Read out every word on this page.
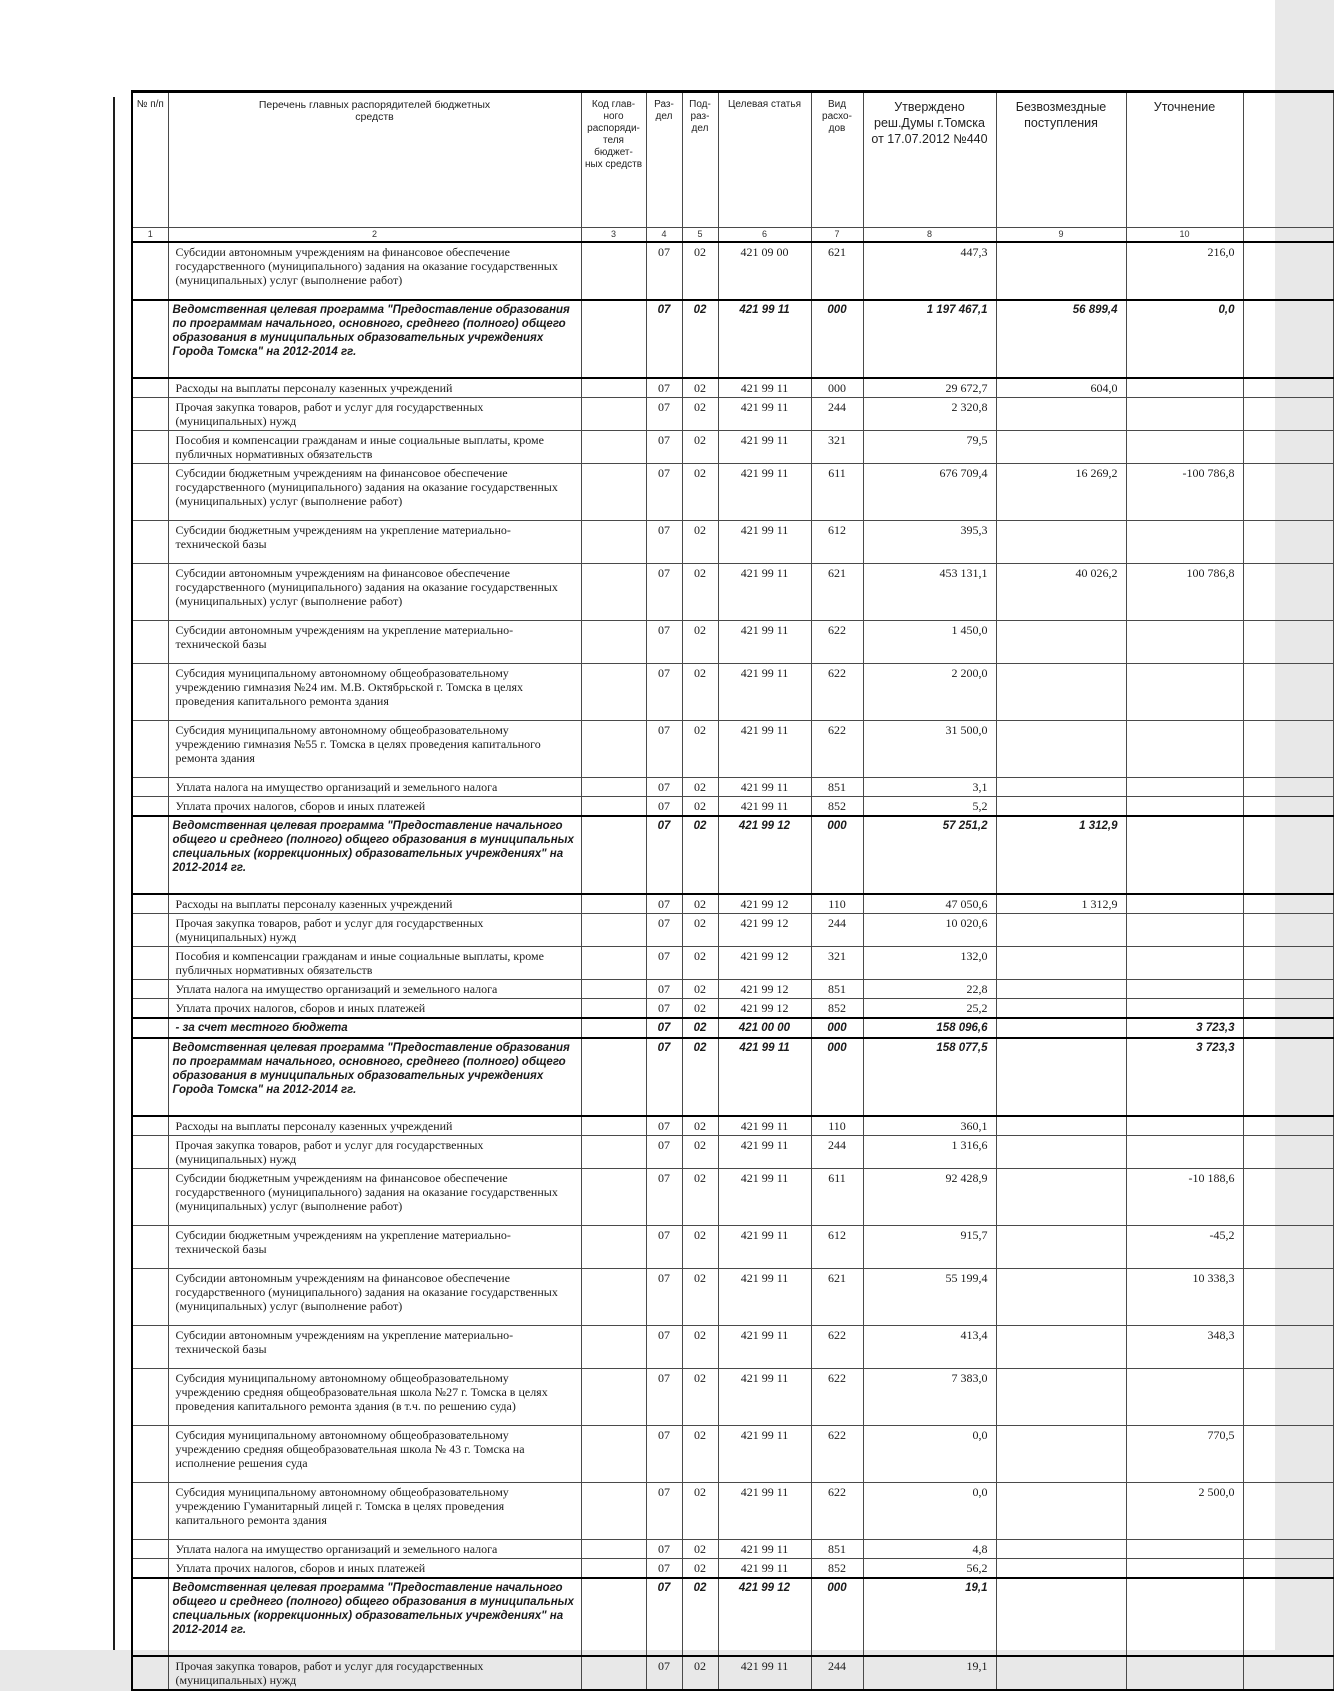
№ п/п	Перечень главных распорядителей бюджетных средств	Код глав-ного распоряди- теля бюджет- ных средств	Раз- дел	Под- раз- дел	Целевая статья	Вид расхо- дов	Утверждено реш.Думы г.Томска от 17.07.2012 №440	Безвозмездные поступления	Уточнение	
1	2	3	4	5	6	7	8	9	10	
	Субсидии автономным учреждениям на финансовое обеспечение государственного (муниципального) задания на оказание государственных (муниципальных) услуг (выполнение работ)		07	02	421 09 00	621	447,3		216,0	
	Ведомственная целевая программа "Предоставление образования по программам начального, основного, среднего (полного) общего образования в муниципальных образовательных учреждениях Города Томска" на 2012-2014 гг.		07	02	421 99 11	000	1 197 467,1	56 899,4	0,0	
	Расходы на выплаты персоналу казенных учреждений		07	02	421 99 11	000	29 672,7	604,0		
	Прочая закупка товаров, работ и услуг для государственных (муниципальных) нужд		07	02	421 99 11	244	2 320,8			
	Пособия и компенсации гражданам и иные социальные выплаты, кроме публичных нормативных обязательств		07	02	421 99 11	321	79,5			
	Субсидии бюджетным учреждениям на финансовое обеспечение государственного (муниципального) задания на оказание государственных (муниципальных) услуг (выполнение работ)		07	02	421 99 11	611	676 709,4	16 269,2	-100 786,8	
	Субсидии бюджетным учреждениям на укрепление материально-технической базы		07	02	421 99 11	612	395,3			
	Субсидии автономным учреждениям на финансовое обеспечение государственного (муниципального) задания на оказание государственных (муниципальных) услуг (выполнение работ)		07	02	421 99 11	621	453 131,1	40 026,2	100 786,8	
	Субсидии автономным учреждениям на укрепление материально-технической базы		07	02	421 99 11	622	1 450,0			
	Субсидия муниципальному автономному общеобразовательному учреждению гимназия №24 им. М.В. Октябрьской г. Томска в целях проведения капитального ремонта здания		07	02	421 99 11	622	2 200,0			
	Субсидия муниципальному автономному общеобразовательному учреждению гимназия №55 г. Томска в целях проведения капитального ремонта здания		07	02	421 99 11	622	31 500,0			
	Уплата налога на имущество организаций и земельного налога		07	02	421 99 11	851	3,1			
	Уплата прочих налогов, сборов и иных платежей		07	02	421 99 11	852	5,2			
	Ведомственная целевая программа "Предоставление начального общего и среднего (полного) общего образования в муниципальных специальных (коррекционных) образовательных учреждениях" на 2012-2014 гг.		07	02	421 99 12	000	57 251,2	1 312,9		
	Расходы на выплаты персоналу казенных учреждений		07	02	421 99 12	110	47 050,6	1 312,9		
	Прочая закупка товаров, работ и услуг для государственных (муниципальных) нужд		07	02	421 99 12	244	10 020,6			
	Пособия и компенсации гражданам и иные социальные выплаты, кроме публичных нормативных обязательств		07	02	421 99 12	321	132,0			
	Уплата налога на имущество организаций и земельного налога		07	02	421 99 12	851	22,8			
	Уплата прочих налогов, сборов и иных платежей		07	02	421 99 12	852	25,2			
	- за счет местного бюджета		07	02	421 00 00	000	158 096,6		3 723,3	
	Ведомственная целевая программа "Предоставление образования по программам начального, основного, среднего (полного) общего образования в муниципальных образовательных учреждениях Города Томска" на 2012-2014 гг.		07	02	421 99 11	000	158 077,5		3 723,3	
	Расходы на выплаты персоналу казенных учреждений		07	02	421 99 11	110	360,1			
	Прочая закупка товаров, работ и услуг для государственных (муниципальных) нужд		07	02	421 99 11	244	1 316,6			
	Субсидии бюджетным учреждениям на финансовое обеспечение государственного (муниципального) задания на оказание государственных (муниципальных) услуг (выполнение работ)		07	02	421 99 11	611	92 428,9		-10 188,6	
	Субсидии бюджетным учреждениям на укрепление материально-технической базы		07	02	421 99 11	612	915,7		-45,2	
	Субсидии автономным учреждениям на финансовое обеспечение государственного (муниципального) задания на оказание государственных (муниципальных) услуг (выполнение работ)		07	02	421 99 11	621	55 199,4		10 338,3	
	Субсидии автономным учреждениям на укрепление материально-технической базы		07	02	421 99 11	622	413,4		348,3	
	Субсидия муниципальному автономному общеобразовательному учреждению средняя общеобразовательная школа №27 г. Томска в целях проведения капитального ремонта здания (в т.ч. по решению суда)		07	02	421 99 11	622	7 383,0			
	Субсидия муниципальному автономному общеобразовательному учреждению средняя общеобразовательная школа № 43 г. Томска на исполнение решения суда		07	02	421 99 11	622	0,0		770,5	
	Субсидия муниципальному автономному общеобразовательному учреждению Гуманитарный лицей г. Томска в целях проведения капитального ремонта здания		07	02	421 99 11	622	0,0		2 500,0	
	Уплата налога на имущество организаций и земельного налога		07	02	421 99 11	851	4,8			
	Уплата прочих налогов, сборов и иных платежей		07	02	421 99 11	852	56,2			
	Ведомственная целевая программа "Предоставление начального общего и среднего (полного) общего образования в муниципальных специальных (коррекционных) образовательных учреждениях" на 2012-2014 гг.		07	02	421 99 12	000	19,1			
	Прочая закупка товаров, работ и услуг для государственных (муниципальных) нужд		07	02	421 99 11	244	19,1			
